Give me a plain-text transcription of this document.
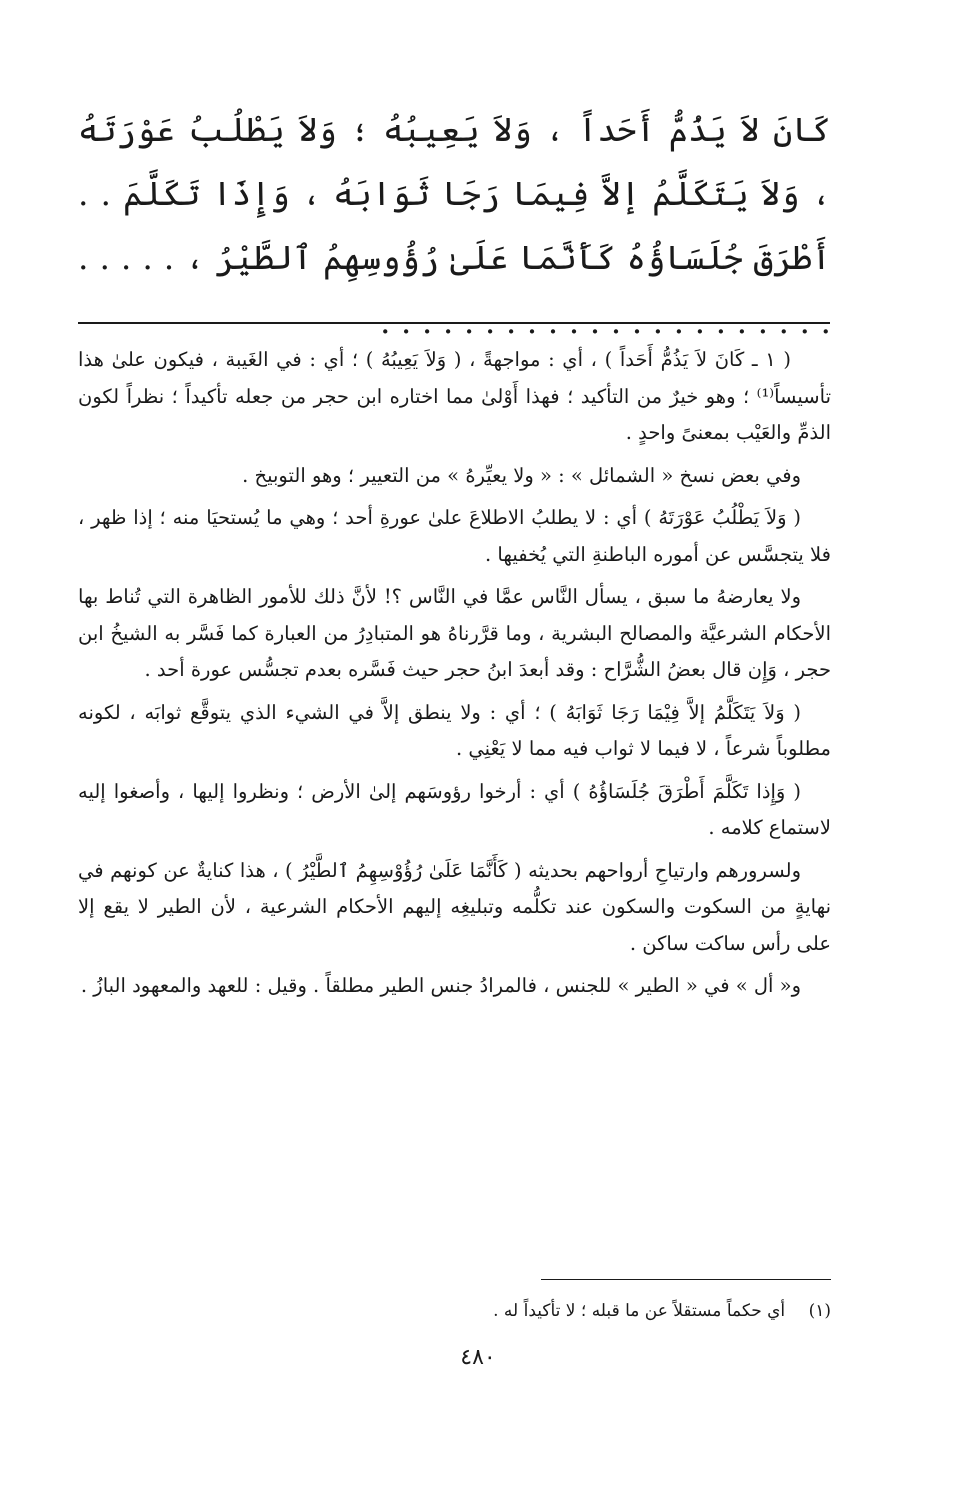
كَانَ لاَ يَذُمُّ أَحَداً ، وَلاَ يَعِيبُهُ ؛ وَلاَ يَطْلُبُ عَوْرَتَهُ ، وَلاَ يَتَكَلَّمُ إلاَّ فِيمَا رَجَا ثَوَابَهُ ، وَإِذَا تَكَلَّمَ . . أَطْرَقَ جُلَسَاؤُهُ كَأَنَّمَا عَلَىٰ رُؤُوسِهِمُ ٱلطَّيْرُ ، . . . . . . . . . . . . . . . . . . . . . . . . . . .

( ١ ـ كَانَ لاَ يَذُمُّ أَحَداً ) ، أي : مواجهةً ، ( وَلاَ يَعِيبُهُ ) ؛ أي : في الغَيبة ، فيكون علىٰ هذا تأسيساً⁽¹⁾ ؛ وهو خيرٌ من التأكيد ؛ فهذا أَوْلىٰ مما اختاره ابن حجر من جعله تأكيداً ؛ نظراً لكون الذمِّ والعَيْب بمعنىً واحدٍ .

وفي بعض نسخ « الشمائل » : « ولا يعيِّرهُ » من التعيير ؛ وهو التوبيخ .

( وَلاَ يَطْلُبُ عَوْرَتَهُ ) أي : لا يطلبُ الاطلاعَ علىٰ عورةِ أحد ؛ وهي ما يُستحيَا منه ؛ إذا ظهر ، فلا يتجسَّس عن أموره الباطنةِ التي يُخفيها .

ولا يعارضهُ ما سبق ، يسأل النَّاس عمَّا في النَّاس ؟! لأنَّ ذلك للأمور الظاهرة التي تُناط بها الأحكام الشرعيَّة والمصالح البشرية ، وما قرَّرناهُ هو المتبادِرُ من العبارة كما فَسَّر به الشيخُ ابن حجر ، وَإِن قال بعضُ الشُّرَّاح : وقد أبعدَ ابنُ حجر حيث فَسَّره بعدم تجسُّس عورة أحد .

( وَلاَ يَتَكَلَّمُ إلاَّ فِيْمَا رَجَا ثَوَابَهُ ) ؛ أي : ولا ينطق إلاَّ في الشيء الذي يتوقَّع ثوابَه ، لكونه مطلوباً شرعاً ، لا فيما لا ثواب فيه مما لا يَعْنِي .

( وَإِذا تَكَلَّمَ أَطْرَقَ جُلَسَاؤُهُ ) أي : أرخوا رؤوسَهم إلىٰ الأرض ؛ ونظروا إليها ، وأصغوا إليه لاستماع كلامه .

ولسرورهم وارتياحِ أرواحهم بحديثه ( كَأَنَّمَا عَلَىٰ رُؤُوْسِهِمُ ٱلطَّيْرُ ) ، هذا كنايةٌ عن كونهم في نهايةٍ من السكوت والسكون عند تكلُّمه وتبليغِه إليهم الأحكام الشرعية ، لأن الطير لا يقع إلا على رأس ساكت ساكن .

و« أل » في « الطير » للجنس ، فالمرادُ جنس الطير مطلقاً . وقيل : للعهد والمعهود البازُ .

(١) أي حكماً مستقلاً عن ما قبله ؛ لا تأكيداً له .
٤٨٠
